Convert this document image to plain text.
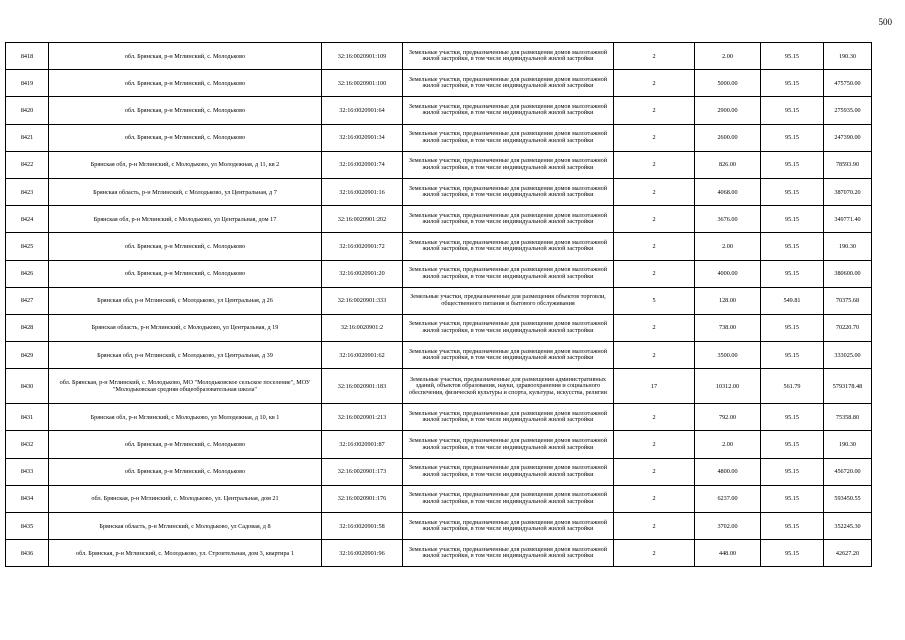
500
8418	обл. Брянская, р-н Мглинский, с. Молодьково	32:16:0020901:109	Земельные участки, предназначенные для размещения домов малоэтажной жилой застройки, в том числе индивидуальной жилой застройки	2	2.00	95.15	190.30
8419	обл. Брянская, р-н Мглинский, с. Молодьково	32:16:0020901:100	Земельные участки, предназначенные для размещения домов малоэтажной жилой застройки, в том числе индивидуальной жилой застройки	2	5000.00	95.15	475750.00
8420	обл. Брянская, р-н Мглинский, с. Молодьково	32:16:0020901:64	Земельные участки, предназначенные для размещения домов малоэтажной жилой застройки, в том числе индивидуальной жилой застройки	2	2900.00	95.15	275935.00
8421	обл. Брянская, р-н Мглинский, с. Молодьково	32:16:0020901:34	Земельные участки, предназначенные для размещения домов малоэтажной жилой застройки, в том числе индивидуальной жилой застройки	2	2600.00	95.15	247390.00
8422	Брянская обл, р-н Мглинский, с Молодьково, ул Молодежная, д 11, кв 2	32:16:0020901:74	Земельные участки, предназначенные для размещения домов малоэтажной жилой застройки, в том числе индивидуальной жилой застройки	2	826.00	95.15	78593.90
8423	Брянская область, р-н Мглинский, с Молодьково, ул Центральная, д 7	32:16:0020901:16	Земельные участки, предназначенные для размещения домов малоэтажной жилой застройки, в том числе индивидуальной жилой застройки	2	4068.00	95.15	387070.20
8424	Брянская обл, р-н Мглинский, с Молодьково, ул Центральная, дом 17	32:16:0020901:202	Земельные участки, предназначенные для размещения домов малоэтажной жилой застройки, в том числе индивидуальной жилой застройки	2	3676.00	95.15	349771.40
8425	обл. Брянская, р-н Мглинский, с. Молодьково	32:16:0020901:72	Земельные участки, предназначенные для размещения домов малоэтажной жилой застройки, в том числе индивидуальной жилой застройки	2	2.00	95.15	190.30
8426	обл. Брянская, р-н Мглинский, с. Молодьково	32:16:0020901:20	Земельные участки, предназначенные для размещения домов малоэтажной жилой застройки, в том числе индивидуальной жилой застройки	2	4000.00	95.15	380600.00
8427	Брянская обл, р-н Мглинский, с Молодьково, ул Центральная, д 26	32:16:0020901:333	Земельные участки, предназначенные для размещения объектов торговли, общественного питания и бытового обслуживания	5	128.00	549.81	70375.68
8428	Брянская область, р-н Мглинский, с Молодьково, ул Центральная, д 19	32:16:0020901:2	Земельные участки, предназначенные для размещения домов малоэтажной жилой застройки, в том числе индивидуальной жилой застройки	2	738.00	95.15	70220.70
8429	Брянская обл, р-н Мглинский, с Молодьково, ул Центральная, д 39	32:16:0020901:62	Земельные участки, предназначенные для размещения домов малоэтажной жилой застройки, в том числе индивидуальной жилой застройки	2	3500.00	95.15	333025.00
8430	обл. Брянская, р-н Мглинский, с. Молодьково, МО "Молодьковское сельское поселение", МОУ "Молодьковская средняя общеобразовательная школа"	32:16:0020901:183	Земельные участки, предназначенные для размещения административных зданий, объектов образования, науки, здравоохранения и социального обеспечения, физической культуры и спорта, культуры, искусства, религии	17	10312.00	561.79	5793178.48
8431	Брянская обл, р-н Мглинский, с Молодьково, ул Молодежная, д 10, кв 1	32:16:0020901:213	Земельные участки, предназначенные для размещения домов малоэтажной жилой застройки, в том числе индивидуальной жилой застройки	2	792.00	95.15	75358.80
8432	обл. Брянская, р-н Мглинский, с. Молодьково	32:16:0020901:87	Земельные участки, предназначенные для размещения домов малоэтажной жилой застройки, в том числе индивидуальной жилой застройки	2	2.00	95.15	190.30
8433	обл. Брянская, р-н Мглинский, с. Молодьково	32:16:0020901:173	Земельные участки, предназначенные для размещения домов малоэтажной жилой застройки, в том числе индивидуальной жилой застройки	2	4800.00	95.15	456720.00
8434	обл. Брянская, р-н Мглинский, с. Молодьково, ул. Центральная, дом 21	32:16:0020901:176	Земельные участки, предназначенные для размещения домов малоэтажной жилой застройки, в том числе индивидуальной жилой застройки	2	6237.00	95.15	593450.55
8435	Брянская область, р-н Мглинский, с Молодьково, ул Садовая, д 8	32:16:0020901:58	Земельные участки, предназначенные для размещения домов малоэтажной жилой застройки, в том числе индивидуальной жилой застройки	2	3702.00	95.15	352245.30
8436	обл. Брянская, р-н Мглинский, с. Молодьково, ул. Строительная, дом 3, квартира 1	32:16:0020901:96	Земельные участки, предназначенные для размещения домов малоэтажной жилой застройки, в том числе индивидуальной жилой застройки	2	448.00	95.15	42627.20
